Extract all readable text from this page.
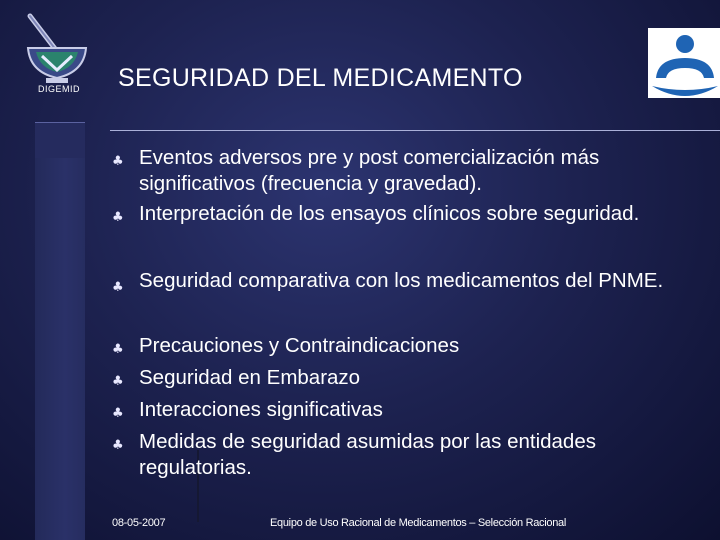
DIGEMID SEGURIDAD DEL MEDICAMENTO
♣ Eventos adversos pre y post comercialización más significativos (frecuencia y gravedad).
♣ Interpretación de los ensayos clínicos sobre seguridad.
♣ Seguridad comparativa con los medicamentos del PNME.
♣ Precauciones y Contraindicaciones
♣ Seguridad en Embarazo
♣ Interacciones significativas
♣ Medidas de seguridad asumidas por las entidades regulatorias.
08-05-2007	Equipo de Uso Racional de Medicamentos – Selección Racional
